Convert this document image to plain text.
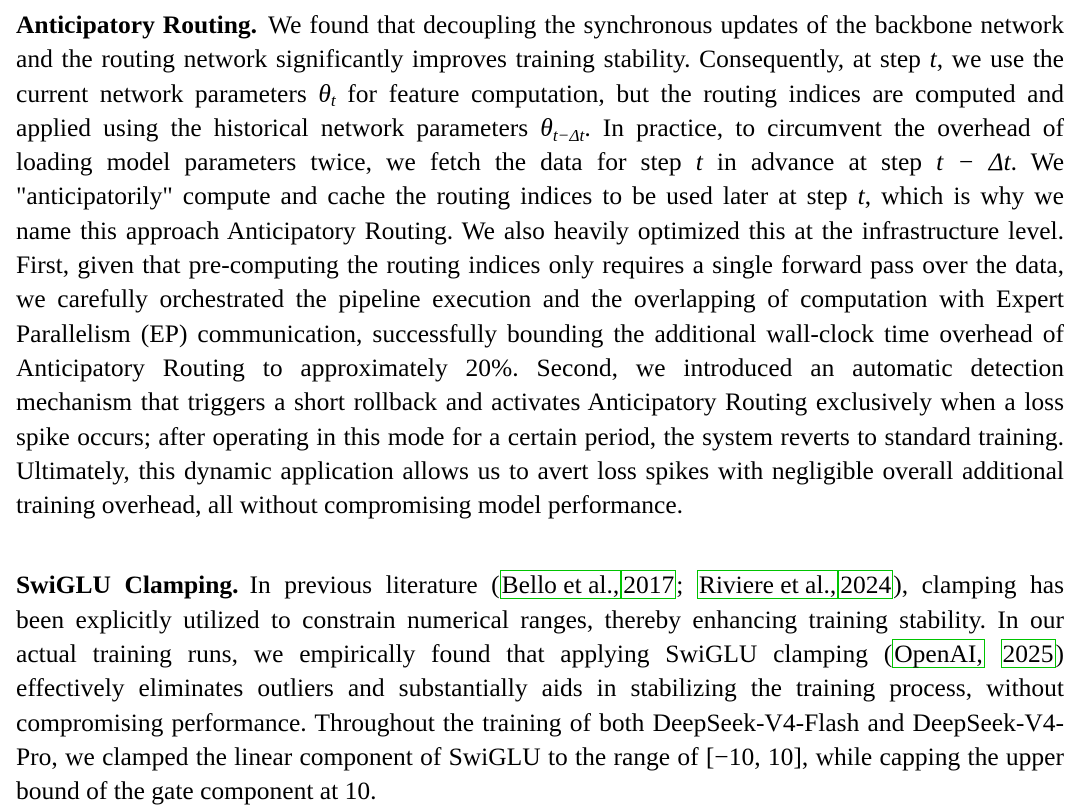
Anticipatory Routing. We found that decoupling the synchronous updates of the backbone network and the routing network significantly improves training stability. Consequently, at step t, we use the current network parameters $\theta_t$ for feature computation, but the routing indices are computed and applied using the historical network parameters $\theta_{t-\Delta t}$. In practice, to circumvent the overhead of loading model parameters twice, we fetch the data for step t in advance at step t − Δt. We "anticipatorily" compute and cache the routing indices to be used later at step t, which is why we name this approach Anticipatory Routing. We also heavily optimized this at the infrastructure level. First, given that pre-computing the routing indices only requires a single forward pass over the data, we carefully orchestrated the pipeline execution and the overlapping of computation with Expert Parallelism (EP) communication, successfully bounding the additional wall-clock time overhead of Anticipatory Routing to approximately 20%. Second, we introduced an automatic detection mechanism that triggers a short rollback and activates Anticipatory Routing exclusively when a loss spike occurs; after operating in this mode for a certain period, the system reverts to standard training. Ultimately, this dynamic application allows us to avert loss spikes with negligible overall additional training overhead, all without compromising model performance.

SwiGLU Clamping. In previous literature (Bello et al., 2017; Riviere et al., 2024), clamping has been explicitly utilized to constrain numerical ranges, thereby enhancing training stability. In our actual training runs, we empirically found that applying SwiGLU clamping (OpenAI, 2025) effectively eliminates outliers and substantially aids in stabilizing the training process, without compromising performance. Throughout the training of both DeepSeek-V4-Flash and DeepSeek-V4-Pro, we clamped the linear component of SwiGLU to the range of [−10, 10], while capping the upper bound of the gate component at 10.
